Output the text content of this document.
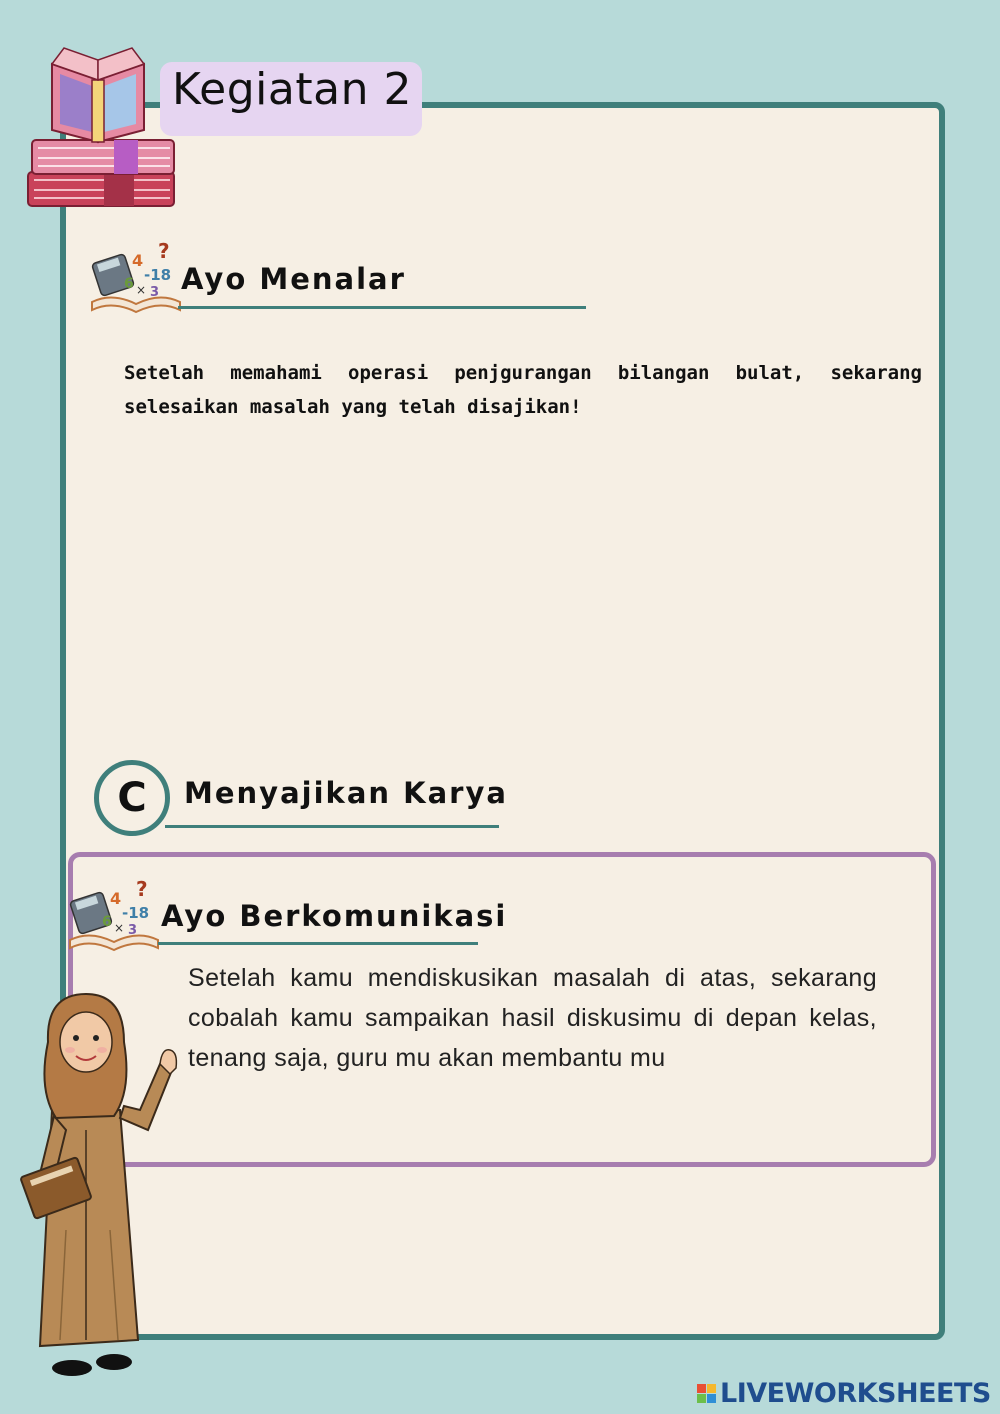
Kegiatan 2
4 ?
-18
6
3
× Ayo Menalar
Setelah memahami operasi penjgurangan bilangan bulat, sekarang selesaikan masalah yang telah disajikan!
C	Menyajikan Karya
4 ?
-18
6
3
× Ayo Berkomunikasi
Setelah kamu mendiskusikan masalah di atas, sekarang cobalah kamu sampaikan hasil diskusimu di depan kelas, tenang saja, guru mu akan membantu mu
LIVEWORKSHEETS
